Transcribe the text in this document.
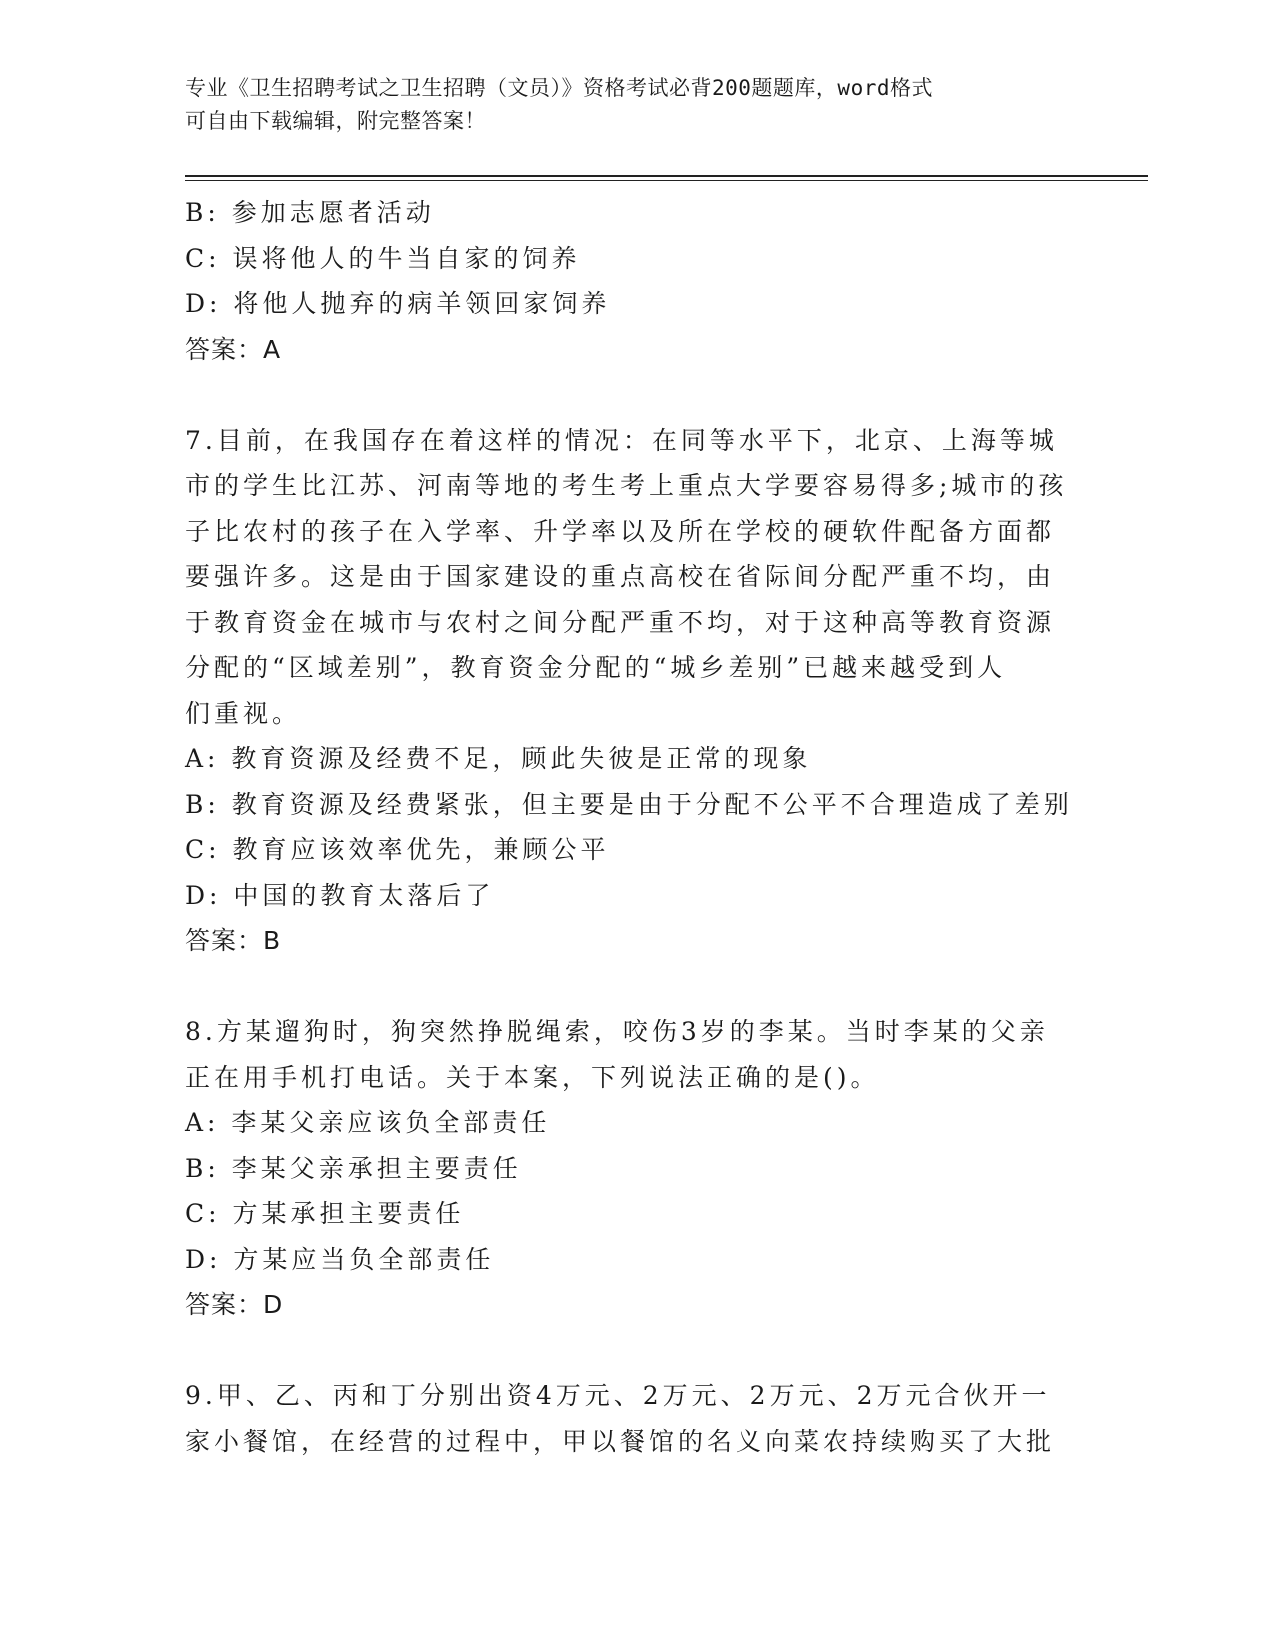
专业《卫生招聘考试之卫生招聘（文员）》资格考试必背200题题库，word格式
可自由下载编辑，附完整答案！
B: 参加志愿者活动
C: 误将他人的牛当自家的饲养
D: 将他人抛弃的病羊领回家饲养
答案：A
7.目前，在我国存在着这样的情况：在同等水平下，北京、上海等城
市的学生比江苏、河南等地的考生考上重点大学要容易得多;城市的孩
子比农村的孩子在入学率、升学率以及所在学校的硬软件配备方面都
要强许多。这是由于国家建设的重点高校在省际间分配严重不均，由
于教育资金在城市与农村之间分配严重不均，对于这种高等教育资源
分配的“区域差别”，教育资金分配的“城乡差别”已越来越受到人
们重视。
A: 教育资源及经费不足，顾此失彼是正常的现象
B: 教育资源及经费紧张，但主要是由于分配不公平不合理造成了差别
C: 教育应该效率优先，兼顾公平
D: 中国的教育太落后了
答案：B
8.方某遛狗时，狗突然挣脱绳索，咬伤3岁的李某。当时李某的父亲
正在用手机打电话。关于本案，下列说法正确的是()。
A: 李某父亲应该负全部责任
B: 李某父亲承担主要责任
C: 方某承担主要责任
D: 方某应当负全部责任
答案：D
9.甲、乙、丙和丁分别出资4万元、2万元、2万元、2万元合伙开一
家小餐馆，在经营的过程中，甲以餐馆的名义向菜农持续购买了大批
